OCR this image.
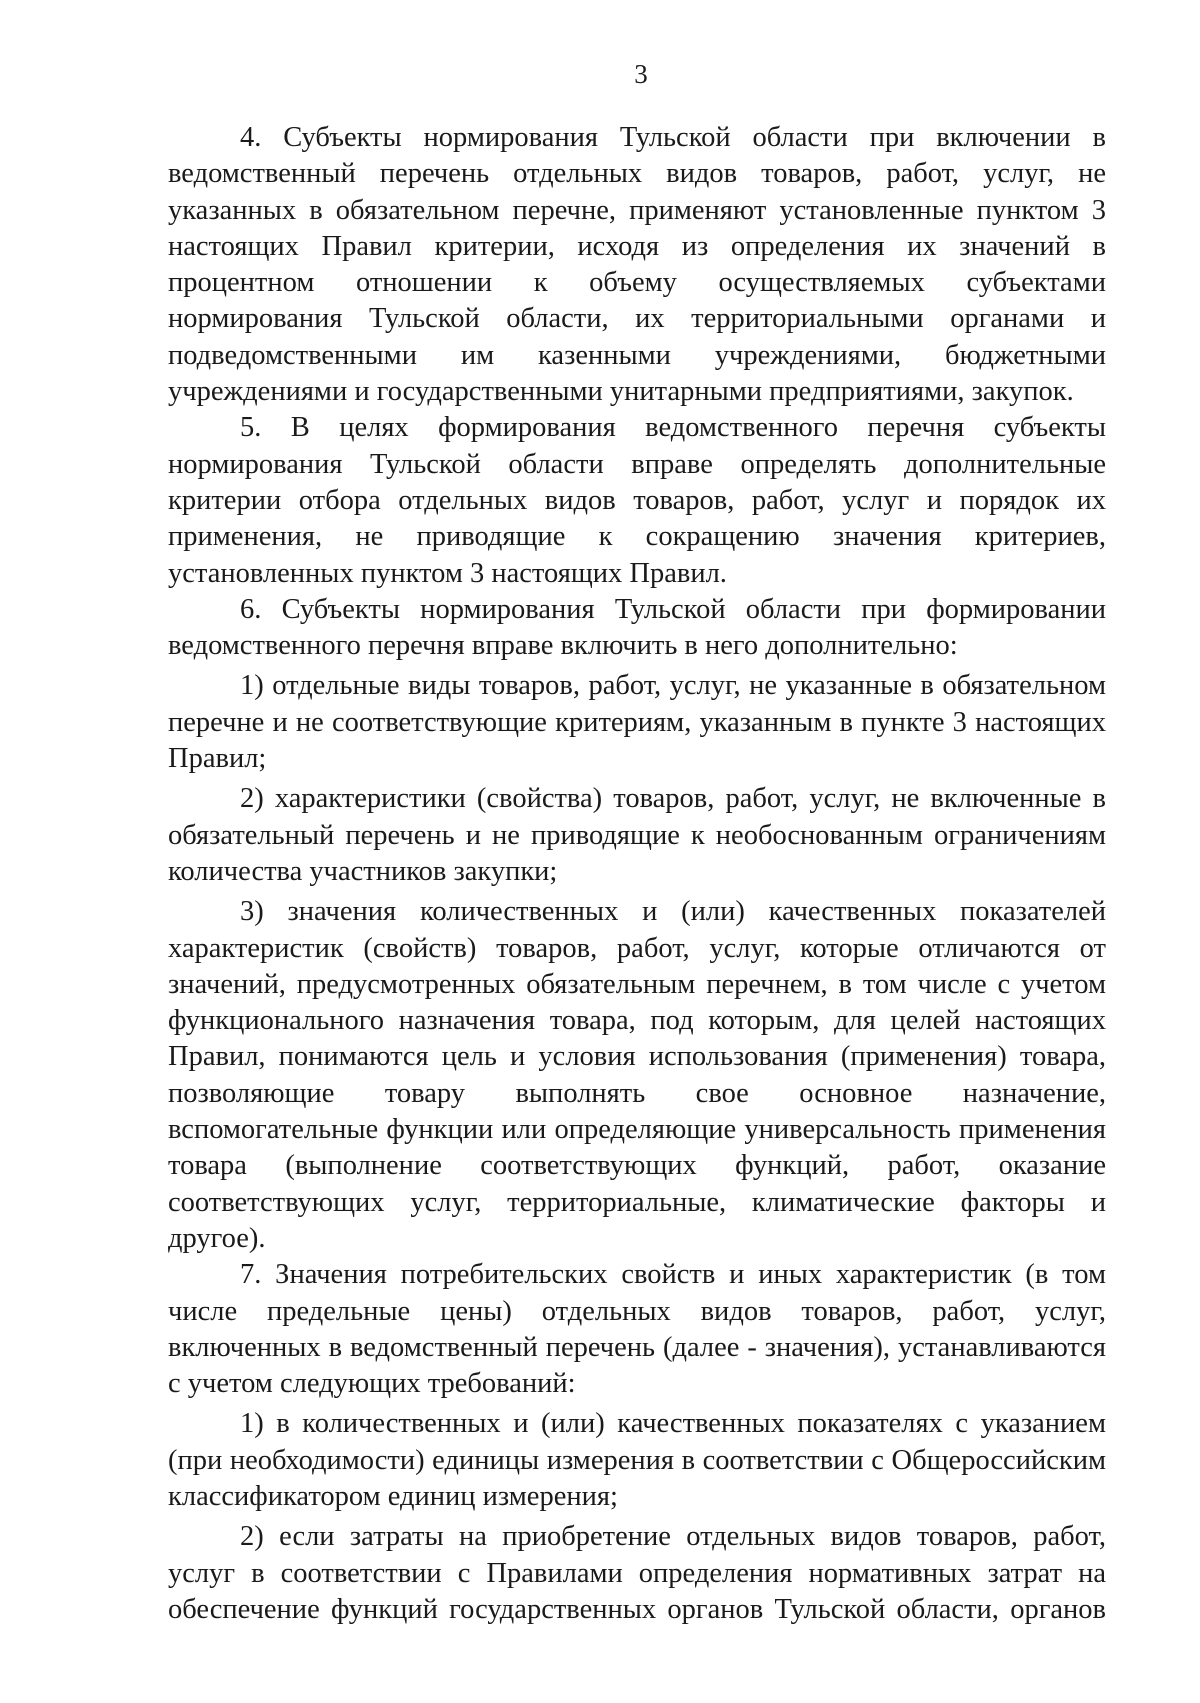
3

4. Субъекты нормирования Тульской области при включении в ведомственный перечень отдельных видов товаров, работ, услуг, не указанных в обязательном перечне, применяют установленные пунктом 3 настоящих Правил критерии, исходя из определения их значений в процентном отношении к объему осуществляемых субъектами нормирования Тульской области, их территориальными органами и подведомственными им казенными учреждениями, бюджетными учреждениями и государственными унитарными предприятиями, закупок.

5. В целях формирования ведомственного перечня субъекты нормирования Тульской области вправе определять дополнительные критерии отбора отдельных видов товаров, работ, услуг и порядок их применения, не приводящие к сокращению значения критериев, установленных пунктом 3 настоящих Правил.

6. Субъекты нормирования Тульской области при формировании ведомственного перечня вправе включить в него дополнительно:

1) отдельные виды товаров, работ, услуг, не указанные в обязательном перечне и не соответствующие критериям, указанным в пункте 3 настоящих Правил;

2) характеристики (свойства) товаров, работ, услуг, не включенные в обязательный перечень и не приводящие к необоснованным ограничениям количества участников закупки;

3) значения количественных и (или) качественных показателей характеристик (свойств) товаров, работ, услуг, которые отличаются от значений, предусмотренных обязательным перечнем, в том числе с учетом функционального назначения товара, под которым, для целей настоящих Правил, понимаются цель и условия использования (применения) товара, позволяющие товару выполнять свое основное назначение, вспомогательные функции или определяющие универсальность применения товара (выполнение соответствующих функций, работ, оказание соответствующих услуг, территориальные, климатические факторы и другое).

7. Значения потребительских свойств и иных характеристик (в том числе предельные цены) отдельных видов товаров, работ, услуг, включенных в ведомственный перечень (далее - значения), устанавливаются с учетом следующих требований:

1) в количественных и (или) качественных показателях с указанием (при необходимости) единицы измерения в соответствии с Общероссийским классификатором единиц измерения;

2) если затраты на приобретение отдельных видов товаров, работ, услуг в соответствии с Правилами определения нормативных затрат на обеспечение функций государственных органов Тульской области, органов
